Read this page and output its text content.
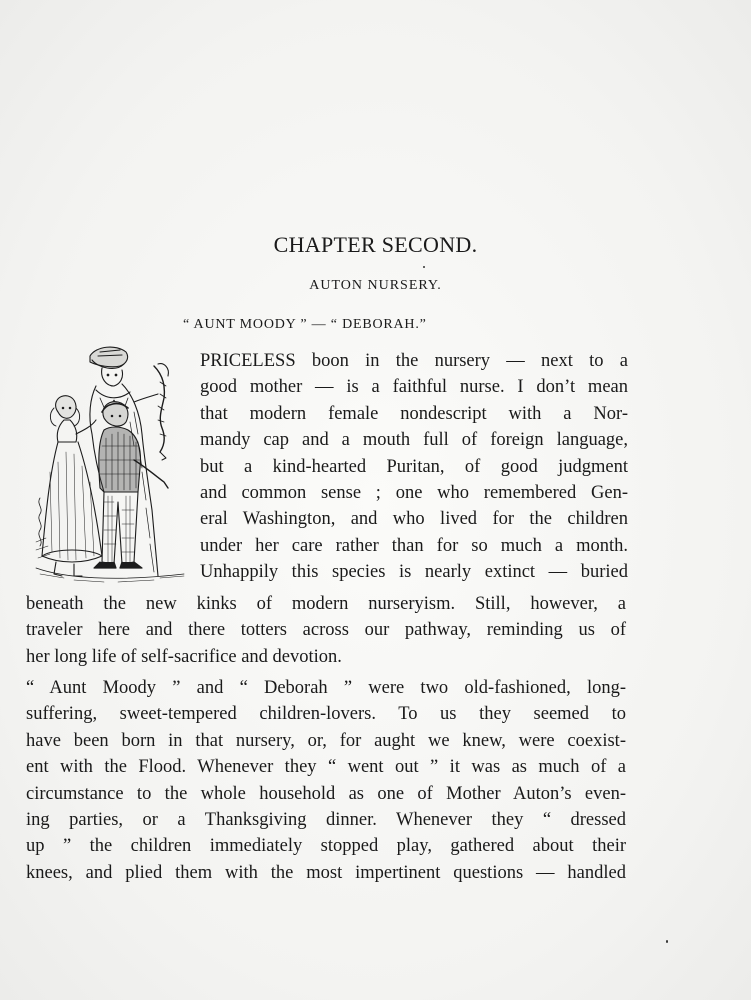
CHAPTER SECOND.
AUTON NURSERY.
“ AUNT MOODY ” — “ DEBORAH.”
PRICELESS boon in the nursery — next to a
good mother — is a faithful nurse. I don’t mean
that modern female nondescript with a Nor-
mandy cap and a mouth full of foreign language,
but a kind-hearted Puritan, of good judgment
and common sense ; one who remembered Gen-
eral Washington, and who lived for the children
under her care rather than for so much a month.
Unhappily this species is nearly extinct — buried
beneath the new kinks of modern nurseryism. Still, however, a
traveler here and there totters across our pathway, reminding us of
her long life of self-sacrifice and devotion.
“ Aunt Moody ” and “ Deborah ” were two old-fashioned, long-
suffering, sweet-tempered children-lovers. To us they seemed to
have been born in that nursery, or, for aught we knew, were coexist-
ent with the Flood. Whenever they “ went out ” it was as much of a
circumstance to the whole household as one of Mother Auton’s even-
ing parties, or a Thanksgiving dinner. Whenever they “ dressed
up ” the children immediately stopped play, gathered about their
knees, and plied them with the most impertinent questions — handled
